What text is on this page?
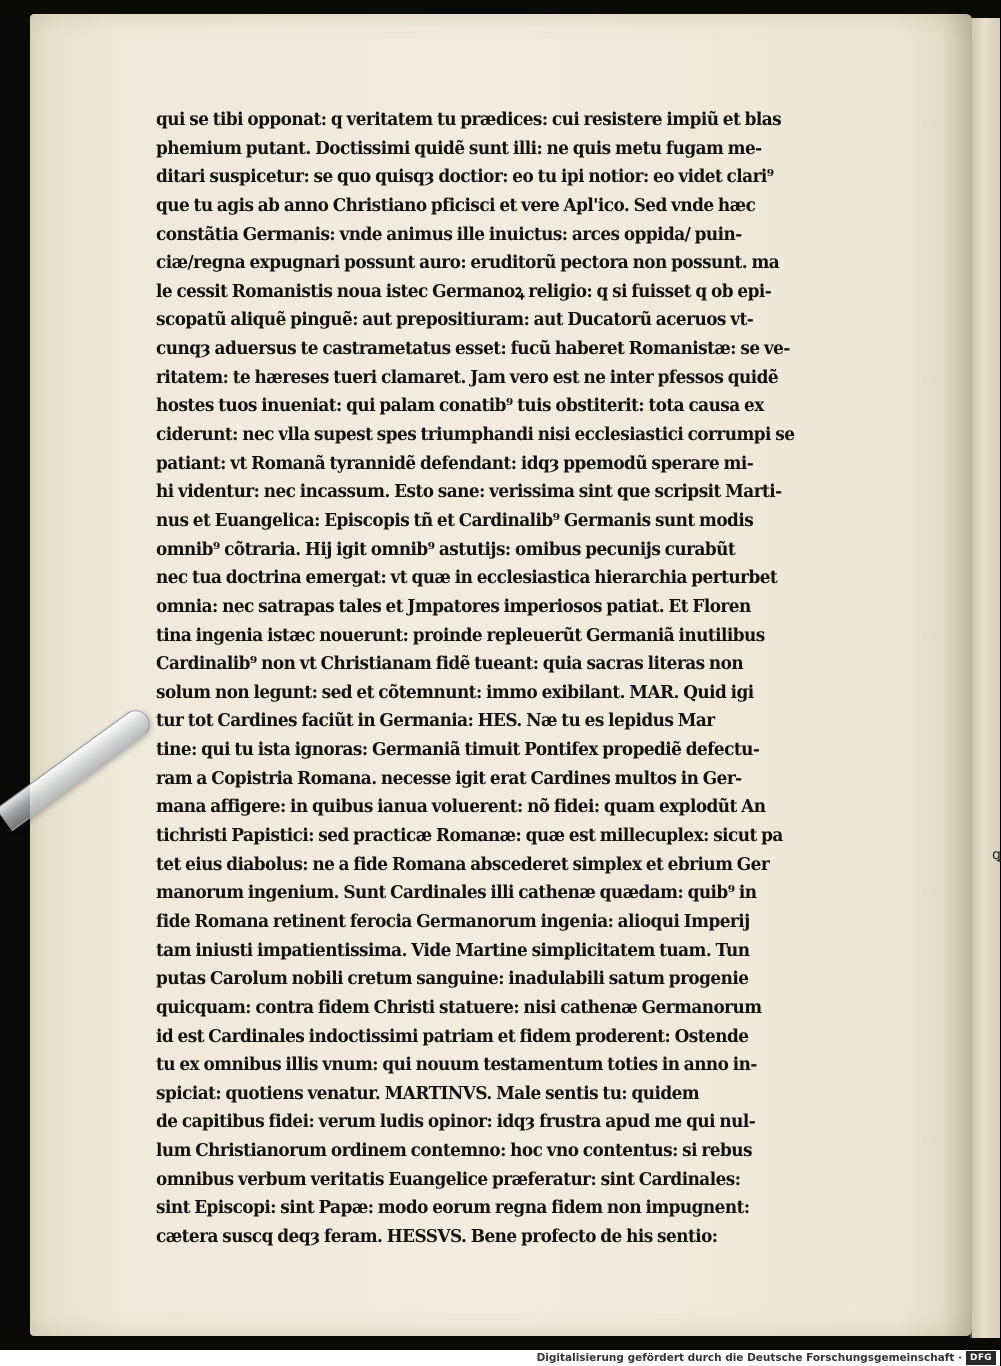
ꝗ
qui se tibi opponat: q veritatem tu prædices: cui resistere impiũ et blas
phemium putant. Doctissimi quidẽ sunt illi: ne quis metu fugam me-
ditari suspicetur: se quo quisqȝ doctior: eo tu ipi notior: eo videt clari⁹
que tu agis ab anno Christiano pficisci et vere Apl'ico. Sed vnde hæc
constãtia Germanis: vnde animus ille inuictus: arces oppida/ puin-
ciæ/regna expugnari possunt auro: eruditorũ pectora non possunt. ma
le cessit Romanistis noua istec Germanoꝝ religio: q si fuisset q ob epi-
scopatũ aliquẽ pinguẽ: aut prepositiuram: aut Ducatorũ aceruos vt-
cunqȝ aduersus te castrametatus esset: fucũ haberet Romanistæ: se ve-
ritatem: te hæreses tueri clamaret. Jam vero est ne inter pfessos quidẽ
hostes tuos inueniat: qui palam conatib⁹ tuis obstiterit: tota causa ex
ciderunt: nec vlla supest spes triumphandi nisi ecclesiastici corrumpi se
patiant: vt Romanã tyrannidẽ defendant: idqȝ ppemodũ sperare mi-
hi videntur: nec incassum. Esto sane: verissima sint que scripsit Marti-
nus et Euangelica: Episcopis tñ et Cardinalib⁹ Germanis sunt modis
omnib⁹ cõtraria. Hij igit omnib⁹ astutijs: omibus pecunijs curabũt
nec tua doctrina emergat: vt quæ in ecclesiastica hierarchia perturbet
omnia: nec satrapas tales et Jmpatores imperiosos patiat. Et Floren
tina ingenia istæc nouerunt: proinde repleuerũt Germaniã inutilibus
Cardinalib⁹ non vt Christianam fidẽ tueant: quia sacras literas non
solum non legunt: sed et cõtemnunt: immo exibilant. MAR. Quid igi
tur tot Cardines faciũt in Germania: HES. Næ tu es lepidus Mar
tine: qui tu ista ignoras: Germaniã timuit Pontifex propediẽ defectu-
ram a Copistria Romana. necesse igit erat Cardines multos in Ger-
mana affigere: in quibus ianua voluerent: nõ fidei: quam explodũt An
tichristi Papistici: sed practicæ Romanæ: quæ est millecuplex: sicut pa
tet eius diabolus: ne a fide Romana abscederet simplex et ebrium Ger
manorum ingenium. Sunt Cardinales illi cathenæ quædam: quib⁹ in
fide Romana retinent ferocia Germanorum ingenia: alioqui Imperij
tam iniusti impatientissima. Vide Martine simplicitatem tuam. Tun
putas Carolum nobili cretum sanguine: inadulabili satum progenie
quicquam: contra fidem Christi statuere: nisi cathenæ Germanorum
id est Cardinales indoctissimi patriam et fidem proderent: Ostende
tu ex omnibus illis vnum: qui nouum testamentum toties in anno in-
spiciat: quotiens venatur. MARTINVS. Male sentis tu: quidem
de capitibus fidei: verum ludis opinor: idqȝ frustra apud me qui nul-
lum Christianorum ordinem contemno: hoc vno contentus: si rebus
omnibus verbum veritatis Euangelice præferatur: sint Cardinales:
sint Episcopi: sint Papæ: modo eorum regna fidem non impugnent:
cætera suscq deqȝ feram. HESSVS. Bene profecto de his sentio:
Digitalisierung gefördert durch die Deutsche Forschungsgemeinschaft · DFG
